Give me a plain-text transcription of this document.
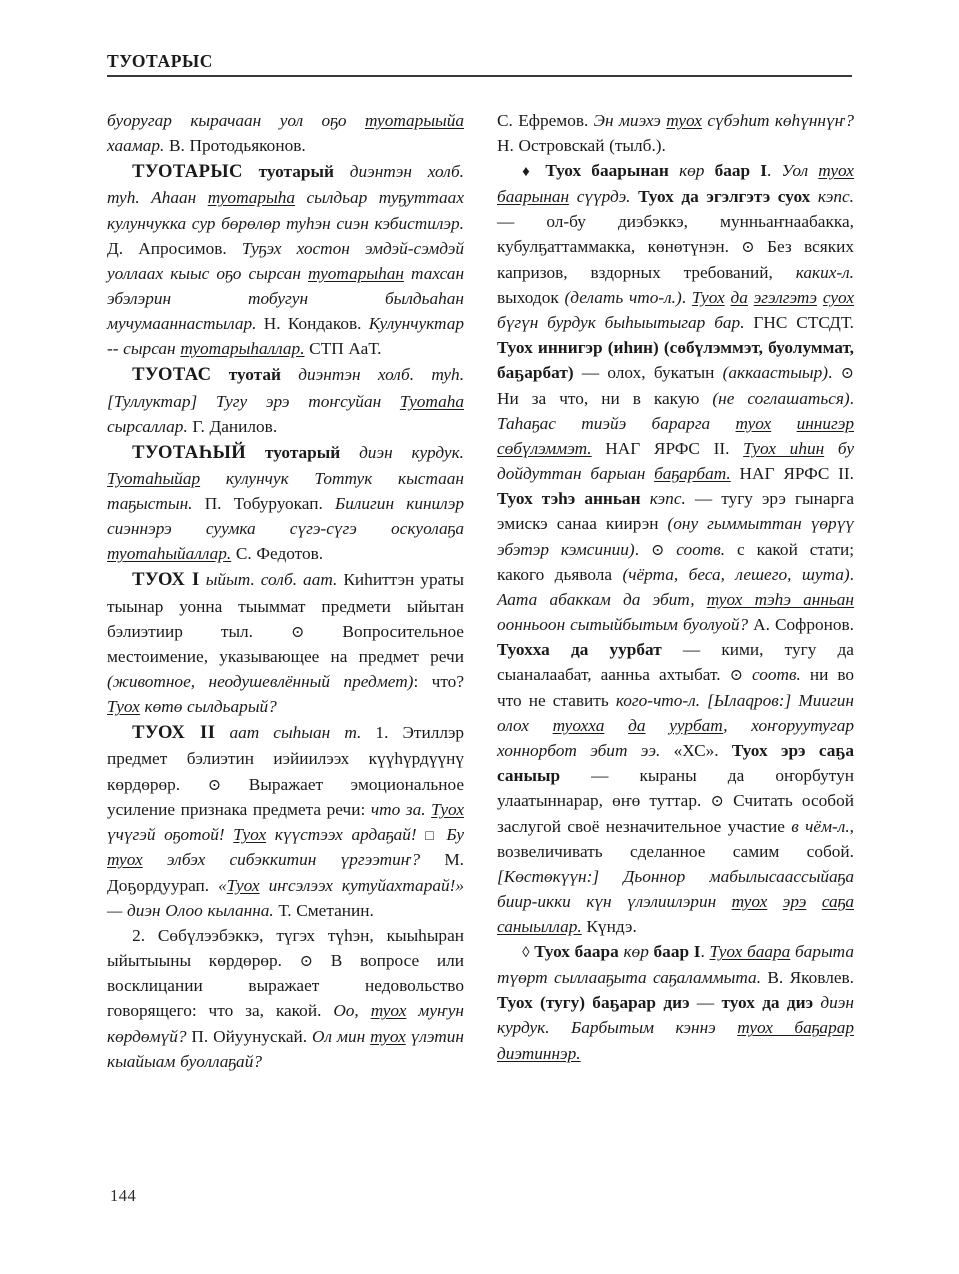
ТУОТАРЫС

буоругар кырачаан уол оҕо туотарыыйа хаамар. В. Протодьяконов.

ТУОТАРЫС туотарый диэнтэн холб. туһ. Аһаан туотарыһа сылдьар туҕуттаах кулунчукка сур бөрөлөр туһэн сиэн кэбистилэр. Д. Апросимов. Туҕэх хостон эмдэй-сэмдэй уоллаах кыыс оҕо сырсан туотарыһан тахсан эбэлэрин тобугун былдьаһан мучумааннастылар. Н. Кондаков. Кулунчуктар -- сырсан туотарыһаллар. СТП АаТ.

ТУОТАС туотай диэнтэн холб. туһ. [Туллуктар] Тугу эрэ тоҥсуйан Туотаһа сырсаллар. Г. Данилов.

ТУОТАҺЫЙ туотарый диэн курдук. Туотаһыйар кулунчук Тоттук кыстаан таҕыстын. П. Тобуруокап. Билигин кинилэр сиэннэрэ суумка сүгэ-сүгэ оскуолаҕа туотаһыйаллар. С. Федотов.

ТУОХ I ыйыт. солб. аат. Киһиттэн ураты тыынар уонна тыыммат предмети ыйытан бэлиэтиир тыл. ⊙ Вопросительное местоимение, указывающее на предмет речи (животное, неодушевлённый предмет): что? Туох көтө сылдьарый?

ТУОХ II аат сыһыан т. 1. Этиллэр предмет бэлиэтин иэйиилээх күүһүрдүүнү көрдөрөр. ⊙ Выражает эмоциональное усиление признака предмета речи: что за. Туох үчүгэй оҕотой! Туох күүстээх ардаҕай! □ Бу туох элбэх сибэккитин үргээтиҥ? М. Доҕордуурап. «Туох иҥсэлээх кутуйахтарай!» — диэн Олоо кыланна. Т. Сметанин.

2. Сөбүлээбэккэ, түгэх түһэн, кыыһыран ыйытыыны көрдөрөр. ⊙ В вопросе или восклицании выражает недовольство говорящего: что за, какой. Оо, туох муҥун көрдөмүй? П. Ойуунускай. Ол мин туох үлэтин кыайыам буоллаҕай?

С. Ефремов. Эн миэхэ туох сүбэһит көһүннүҥ? Н. Островскай (тылб.).

♦ Туох баарынан көр баар I. Уол туох баарынан сүүрдэ. Туох да эгэлгэтэ суох кэпс. — ол-бу диэбэккэ, мунньаҥнаабакка, кубулҕаттаммакка, көнөтүнэн. ⊙ Без всяких капризов, вздорных требований, каких-л. выходок (делать что-л.). Туох да эгэлгэтэ суох бүгүн бурдук быһыытыгар бар. ГНС СТСДТ. Туох иннигэр (иһин) (сөбүлэммэт, буолуммат, баҕарбат) — олох, букатын (аккаастыыр). ⊙ Ни за что, ни в какую (не соглашаться). Таһаҕас тиэйэ барарга туох иннигэр сөбүлэммэт. НАГ ЯРФС II. Туох иһин бу дойдуттан барыан баҕарбат. НАГ ЯРФС II. Туох тэһэ анньан кэпс. — тугу эрэ гынарга эмискэ санаа киирэн (ону гыммыттан үөрүү эбэтэр кэмсинии). ⊙ соотв. с какой стати; какого дьявола (чёрта, беса, лешего, шута). Аата абаккам да эбит, туох тэһэ анньан оонньоон сытыйбытым буолуой? А. Софронов. Туохха да уурбат — кими, тугу да сыаналаабат, аанньа ахтыбат. ⊙ соотв. ни во что не ставить кого-что-л. [Ылаqров:] Миигин олох туохха да уурбат, хоҥоруутугар хоннорбот эбит ээ. «ХС». Туох эрэ саҕа саныыр — кыраны да оҥорбутун улаатыннарар, өҥө туттар. ⊙ Считать особой заслугой своё незначительное участие в чём-л., возвеличивать сделанное самим собой. [Көстөкүүн:] Дьоннор мабылысаассыйаҕа биир-икки күн үлэлиилэрин туох эрэ саҕа саныыллар. Күндэ.

◊ Туох баара көр баар I. Туох баара барыта түөрт сыллааҕыта саҕаламмыта. В. Яковлев. Туох (тугу) баҕарар диэ — туох да диэ диэн курдук. Барбытым кэннэ туох баҕарар диэтиннэр.

144
